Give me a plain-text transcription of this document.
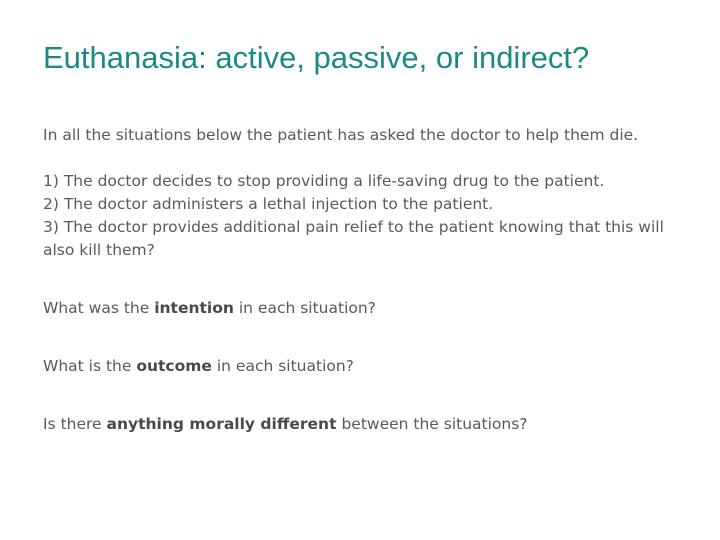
Euthanasia: active, passive, or indirect?

In all the situations below the patient has asked the doctor to help them die.

1) The doctor decides to stop providing a life-saving drug to the patient.

2) The doctor administers a lethal injection to the patient.

3) The doctor provides additional pain relief to the patient knowing that this will also kill them?

What was the intention in each situation?

What is the outcome in each situation?

Is there anything morally different between the situations?
